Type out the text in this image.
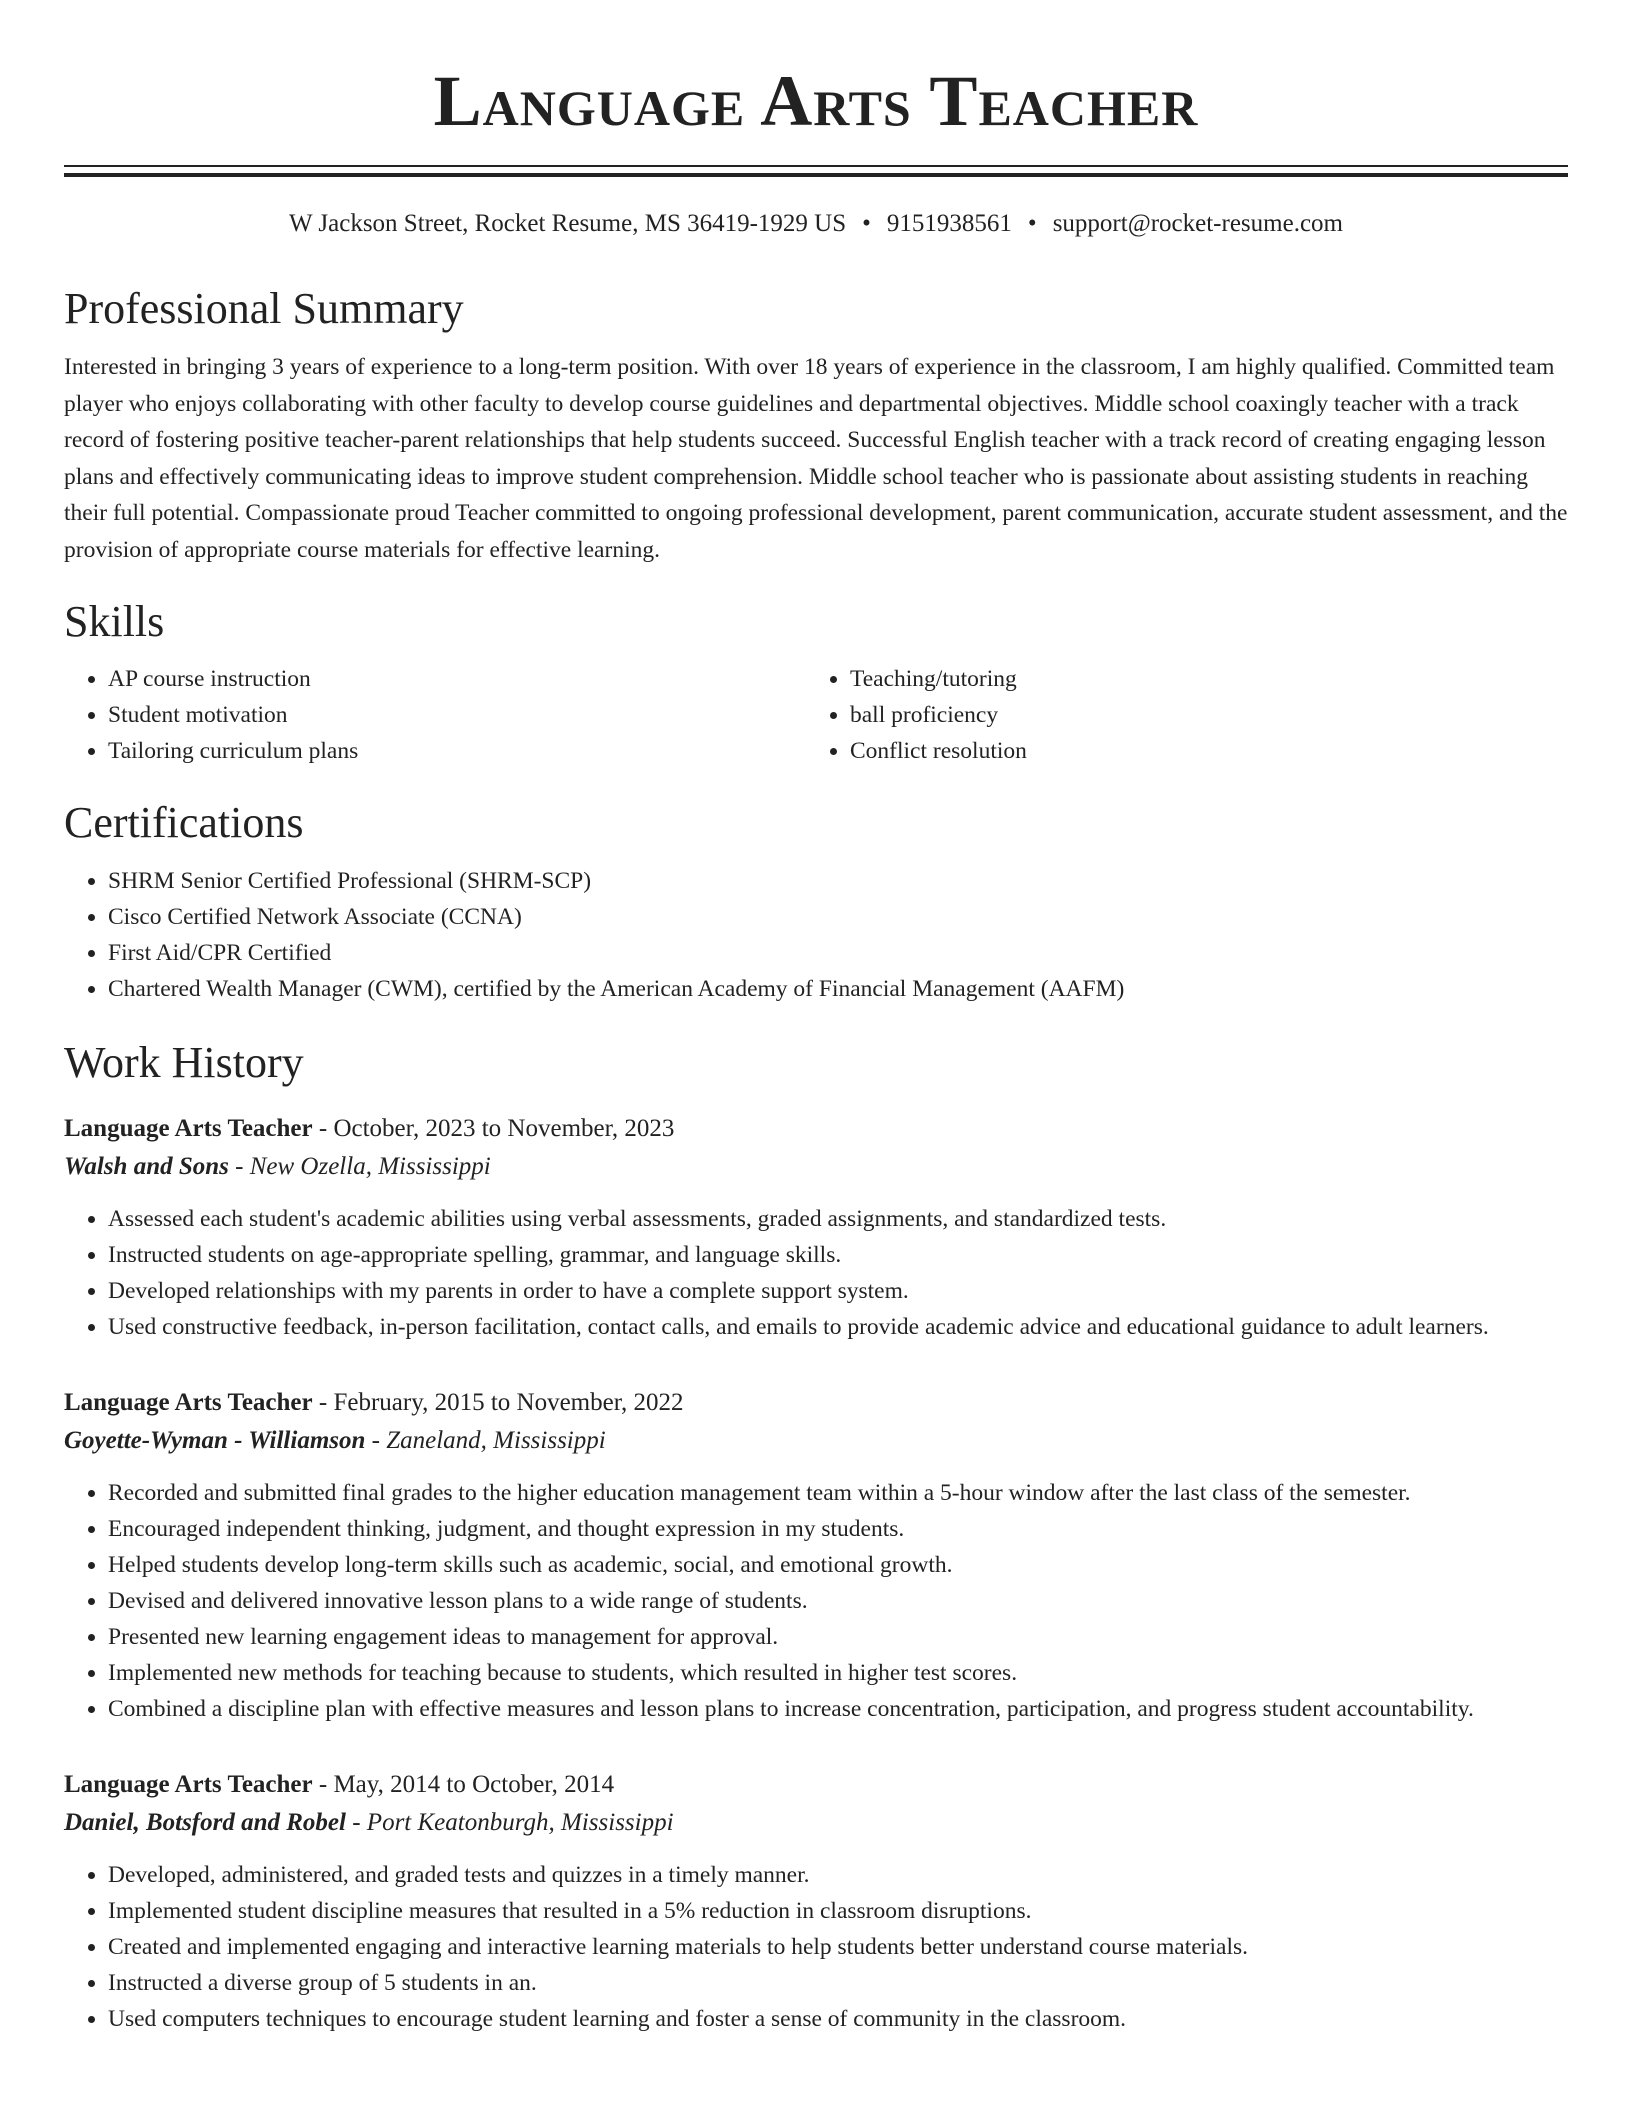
Language Arts Teacher
W Jackson Street, Rocket Resume, MS 36419-1929 US • 9151938561 • support@rocket-resume.com
Professional Summary

Interested in bringing 3 years of experience to a long-term position. With over 18 years of experience in the classroom, I am highly qualified. Committed team player who enjoys collaborating with other faculty to develop course guidelines and departmental objectives. Middle school coaxingly teacher with a track record of fostering positive teacher-parent relationships that help students succeed. Successful English teacher with a track record of creating engaging lesson plans and effectively communicating ideas to improve student comprehension. Middle school teacher who is passionate about assisting students in reaching their full potential. Compassionate proud Teacher committed to ongoing professional development, parent communication, accurate student assessment, and the provision of appropriate course materials for effective learning.

Skills
• AP course instruction
• Student motivation
• Tailoring curriculum plans
• Teaching/tutoring
• ball proficiency
• Conflict resolution
Certifications
• SHRM Senior Certified Professional (SHRM-SCP)
• Cisco Certified Network Associate (CCNA)
• First Aid/CPR Certified
• Chartered Wealth Manager (CWM), certified by the American Academy of Financial Management (AAFM)
Work History
Language Arts Teacher - October, 2023 to November, 2023
Walsh and Sons - New Ozella, Mississippi
• Assessed each student's academic abilities using verbal assessments, graded assignments, and standardized tests.
• Instructed students on age-appropriate spelling, grammar, and language skills.
• Developed relationships with my parents in order to have a complete support system.
• Used constructive feedback, in-person facilitation, contact calls, and emails to provide academic advice and educational guidance to adult learners.
Language Arts Teacher - February, 2015 to November, 2022
Goyette-Wyman - Williamson - Zaneland, Mississippi
• Recorded and submitted final grades to the higher education management team within a 5-hour window after the last class of the semester.
• Encouraged independent thinking, judgment, and thought expression in my students.
• Helped students develop long-term skills such as academic, social, and emotional growth.
• Devised and delivered innovative lesson plans to a wide range of students.
• Presented new learning engagement ideas to management for approval.
• Implemented new methods for teaching because to students, which resulted in higher test scores.
• Combined a discipline plan with effective measures and lesson plans to increase concentration, participation, and progress student accountability.
Language Arts Teacher - May, 2014 to October, 2014
Daniel, Botsford and Robel - Port Keatonburgh, Mississippi
• Developed, administered, and graded tests and quizzes in a timely manner.
• Implemented student discipline measures that resulted in a 5% reduction in classroom disruptions.
• Created and implemented engaging and interactive learning materials to help students better understand course materials.
• Instructed a diverse group of 5 students in an.
• Used computers techniques to encourage student learning and foster a sense of community in the classroom.
